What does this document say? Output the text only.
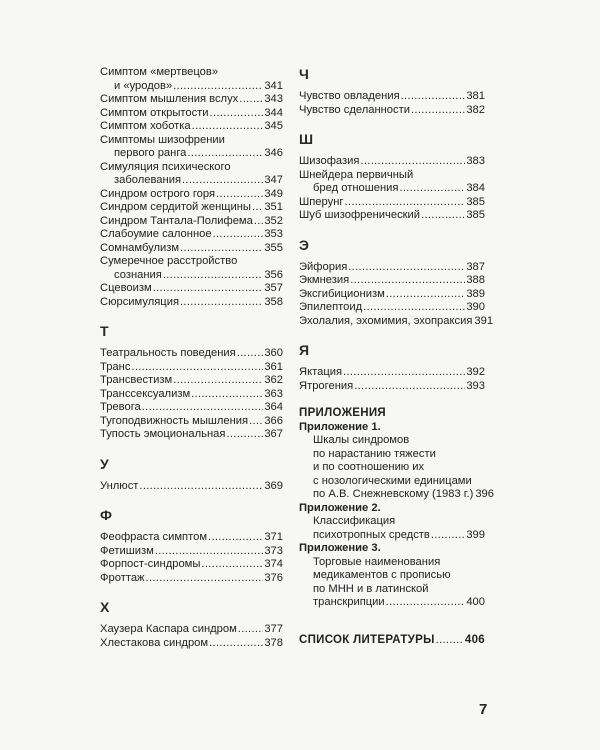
Симптом «мертвецов»
и «уродов» . . .	341
Симптом мышления вслух . . . 343
Симптом открытости . . .	344
Симптом хоботка . . .	345
Симптомы шизофрении
первого ранга . . .	346
Симуляция психического
заболевания . . .	347
Синдром острого горя . . .	349
Синдром сердитой женщины . . . 351
Синдром Тантала-Полифема . . . 352
Слабоумие салонное . . .	353
Сомнамбулизм . . .	355
Сумеречное расстройство
сознания . . .	356
Сцевоизм . . .	357
Сюрсимуляция . . .	358
Т
Театральность поведения . . .	360
Транс . . .	361
Трансвестизм . . .	362
Транссексуализм . . .	363
Тревога . . .	364
Тугоподвижность мышления . . . 366
Тупость эмоциональная . . .	367
У
Унлюст . . .	369
Ф
Феофраста симптом . . .	371
Фетишизм . . .	373
Форпост-синдромы . . .	374
Фроттаж . . .	376
Х
Хаузера Каспара синдром . . . 377
Хлестакова синдром . . .	378
Ч
Чувство овладения . . .	381
Чувство сделанности . . .	382
Ш
Шизофазия . . .	383
Шнейдера первичный
бред отношения . . .	384
Шперунг . . .	385
Шуб шизофренический . . .	385
Э
Эйфория . . .	387
Экмнезия . . .	388
Эксгибиционизм . . .	389
Эпилептоид . . .	390
Эхолалия, эхомимия, эхопраксия 391
Я
Яктация . . .	392
Ятрогения . . .	393
ПРИЛОЖЕНИЯ
Приложение 1.
Шкалы синдромов
по нарастанию тяжести
и по соотношению их
с нозологическими единицами
по А.В. Снежневскому (1983 г.) 396
Приложение 2.
Классификация
психотропных средств . . .	399
Приложение 3.
Торговые наименования
медикаментов с прописью
по МНН и в латинской
транскрипции . . .	400
СПИСОК ЛИТЕРАТУРЫ . . .	406
7
